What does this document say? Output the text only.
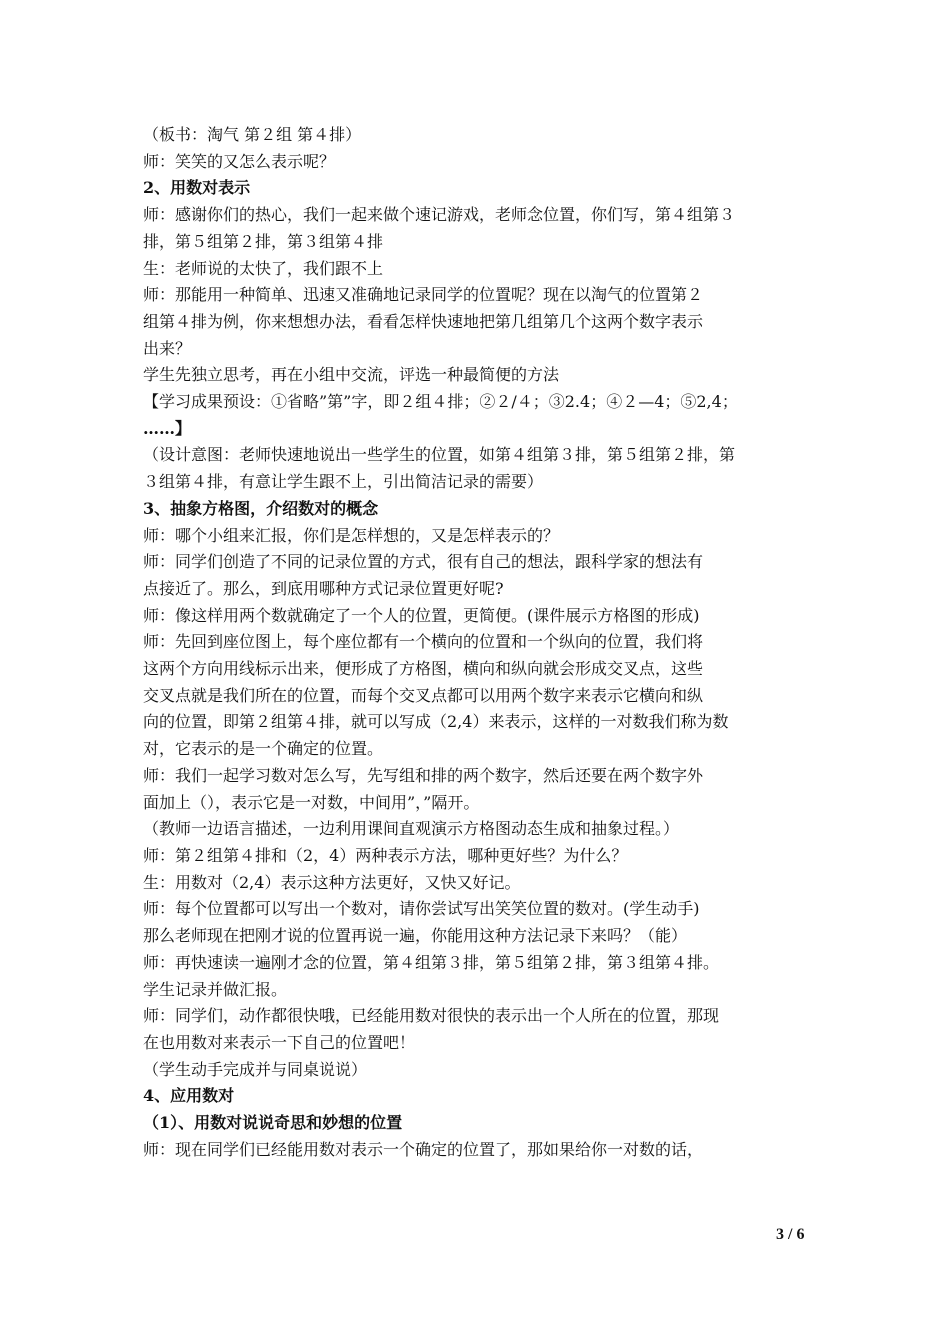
（板书：淘气 第２组 第４排）
师：笑笑的又怎么表示呢？
2、用数对表示
师：感谢你们的热心，我们一起来做个速记游戏，老师念位置，你们写，第４组第３
排，第５组第２排，第３组第４排
生：老师说的太快了，我们跟不上
师：那能用一种简单、迅速又准确地记录同学的位置呢？现在以淘气的位置第２
组第４排为例，你来想想办法，看看怎样快速地把第几组第几个这两个数字表示
出来？
学生先独立思考，再在小组中交流，评选一种最简便的方法
【学习成果预设：①省略”第”字，即２组４排；②２/４；③2.4；④２—4；⑤2,4；
……】
（设计意图：老师快速地说出一些学生的位置，如第４组第３排，第５组第２排，第
３组第４排，有意让学生跟不上，引出简洁记录的需要）
3、抽象方格图，介绍数对的概念
师：哪个小组来汇报，你们是怎样想的，又是怎样表示的？
师：同学们创造了不同的记录位置的方式，很有自己的想法，跟科学家的想法有
点接近了。那么，到底用哪种方式记录位置更好呢?
师：像这样用两个数就确定了一个人的位置，更简便。(课件展示方格图的形成)
师：先回到座位图上，每个座位都有一个横向的位置和一个纵向的位置，我们将
这两个方向用线标示出来，便形成了方格图，横向和纵向就会形成交叉点，这些
交叉点就是我们所在的位置，而每个交叉点都可以用两个数字来表示它横向和纵
向的位置，即第２组第４排，就可以写成（2,4）来表示，这样的一对数我们称为数
对，它表示的是一个确定的位置。
师：我们一起学习数对怎么写，先写组和排的两个数字，然后还要在两个数字外
面加上（），表示它是一对数，中间用”，”隔开。
（教师一边语言描述，一边利用课间直观演示方格图动态生成和抽象过程。）
师：第２组第４排和（2，4）两种表示方法，哪种更好些？为什么？
生：用数对（2,4）表示这种方法更好，又快又好记。
师：每个位置都可以写出一个数对，请你尝试写出笑笑位置的数对。(学生动手)
那么老师现在把刚才说的位置再说一遍，你能用这种方法记录下来吗？（能）
师：再快速读一遍刚才念的位置，第４组第３排，第５组第２排，第３组第４排。
学生记录并做汇报。
师：同学们，动作都很快哦，已经能用数对很快的表示出一个人所在的位置，那现
在也用数对来表示一下自己的位置吧！
（学生动手完成并与同桌说说）
4、应用数对
（1）、用数对说说奇思和妙想的位置
师：现在同学们已经能用数对表示一个确定的位置了，那如果给你一对数的话，
3 / 6
